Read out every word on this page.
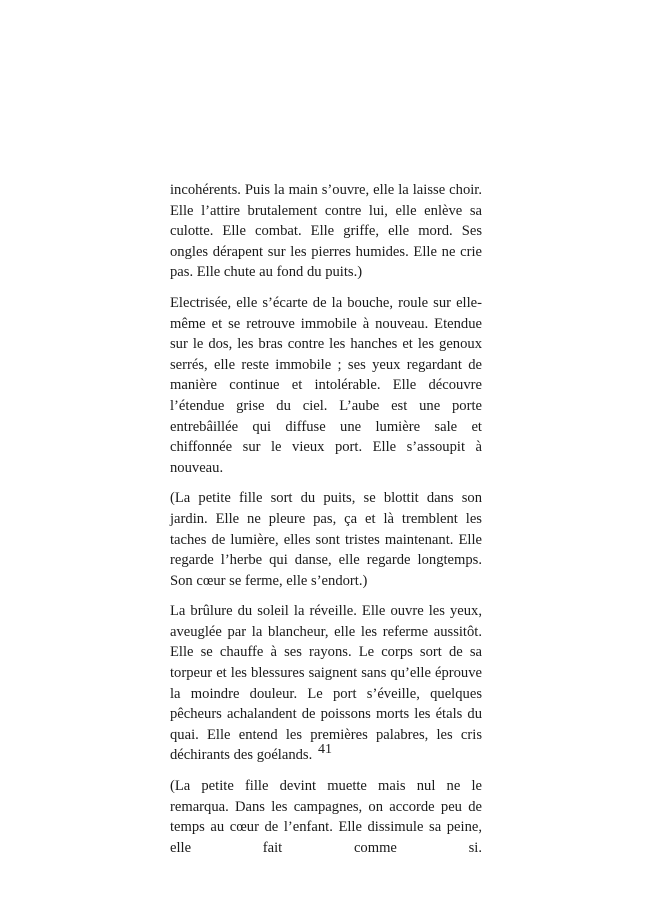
incohérents. Puis la main s’ouvre, elle la laisse choir. Elle l’attire brutalement contre lui, elle enlève sa culotte. Elle combat. Elle griffe, elle mord. Ses ongles dérapent sur les pierres humides. Elle ne crie pas. Elle chute au fond du puits.)

Electrisée, elle s’écarte de la bouche, roule sur elle-même et se retrouve immobile à nouveau. Etendue sur le dos, les bras contre les hanches et les genoux serrés, elle reste immobile ; ses yeux regardant de manière continue et intolérable. Elle découvre l’étendue grise du ciel. L’aube est une porte entrebâillée qui diffuse une lumière sale et chiffonnée sur le vieux port. Elle s’assoupit à nouveau.

(La petite fille sort du puits, se blottit dans son jardin. Elle ne pleure pas, ça et là tremblent les taches de lumière, elles sont tristes maintenant. Elle regarde l’herbe qui danse, elle regarde longtemps. Son cœur se ferme, elle s’endort.)

La brûlure du soleil la réveille. Elle ouvre les yeux, aveuglée par la blancheur, elle les referme aussitôt. Elle se chauffe à ses rayons. Le corps sort de sa torpeur et les blessures saignent sans qu’elle éprouve la moindre douleur. Le port s’éveille, quelques pêcheurs achalandent de poissons morts les étals du quai. Elle entend les premières palabres, les cris déchirants des goélands.

(La petite fille devint muette mais nul ne le remarqua. Dans les campagnes, on accorde peu de temps au cœur de l’enfant. Elle dissimule sa peine, elle fait comme si.

41
